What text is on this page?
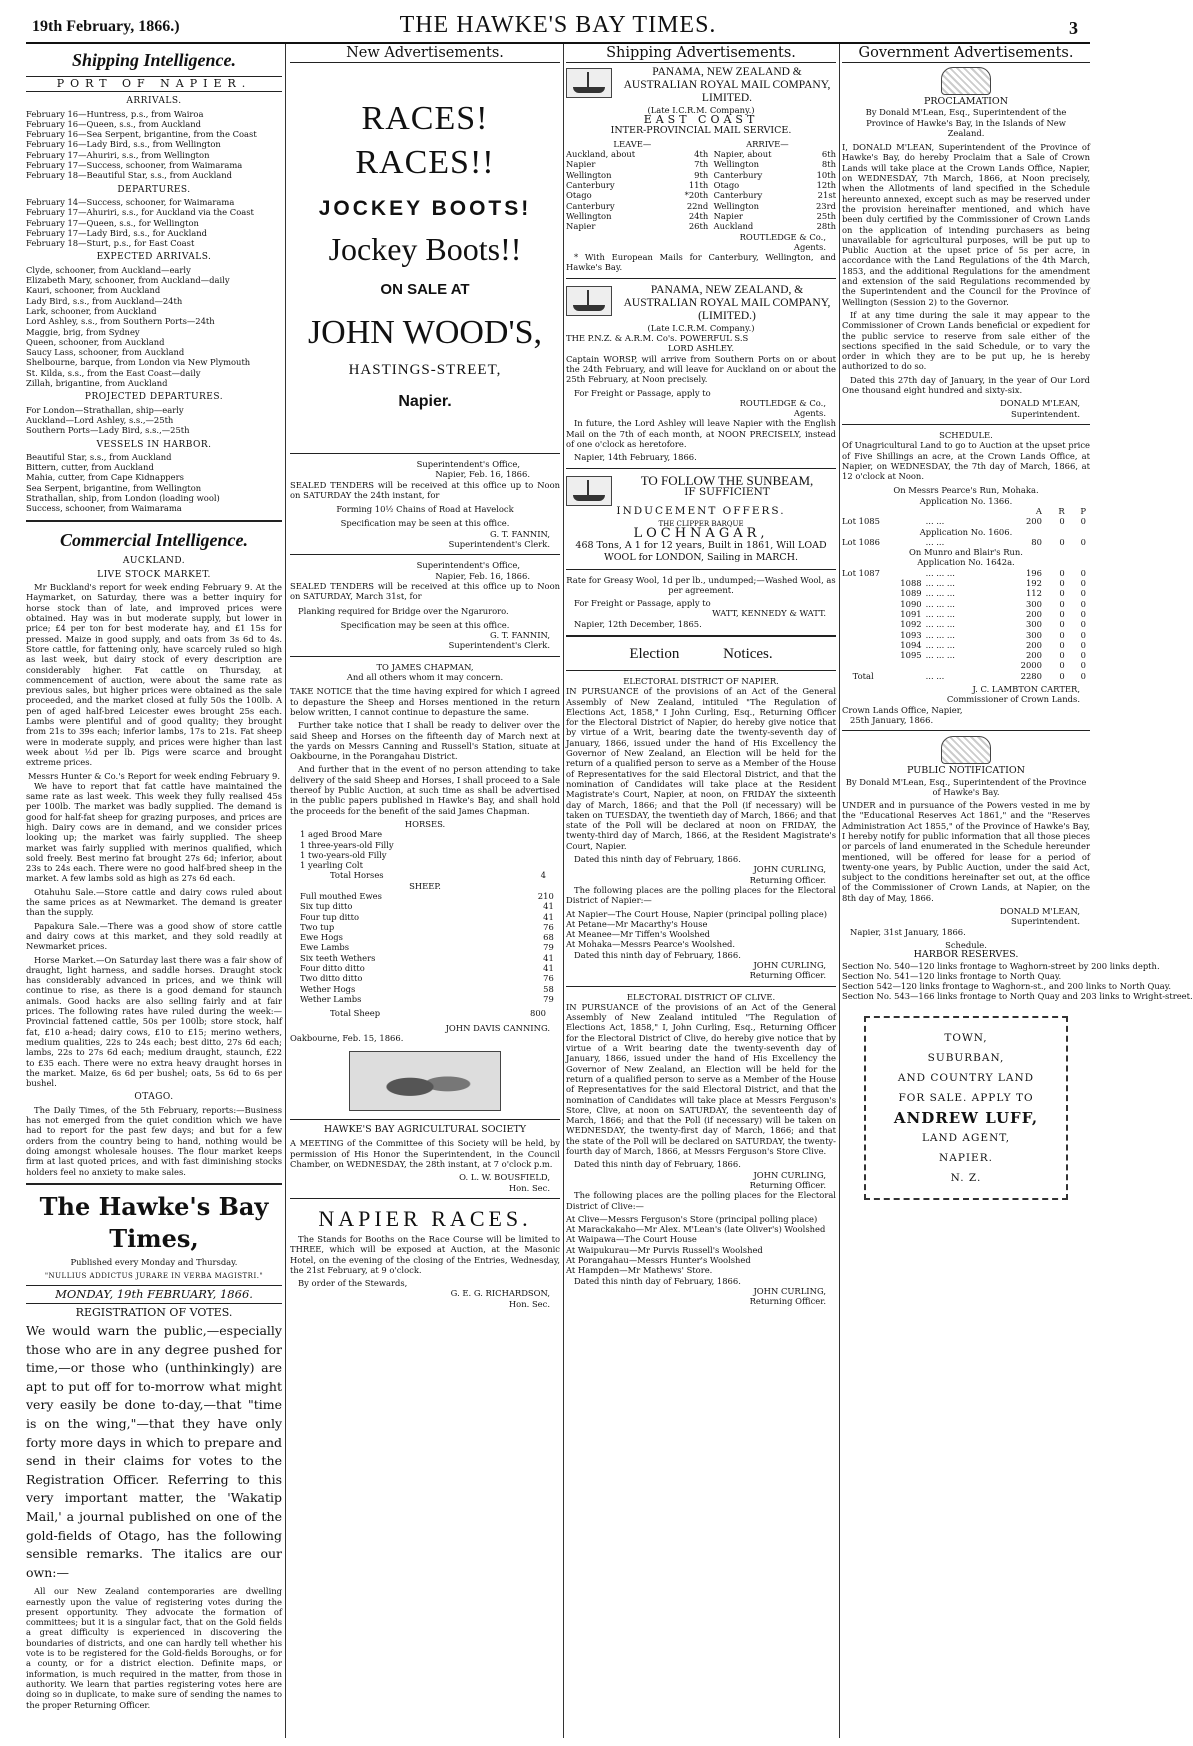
19th February, 1866.)	THE HAWKE'S BAY TIMES.	3
Shipping Intelligence.
PORT OF NAPIER.
ARRIVALS.
February 16—Huntress, p.s., from Wairoa
February 16—Queen, s.s., from Auckland
February 16—Sea Serpent, brigantine, from the Coast
February 16—Lady Bird, s.s., from Wellington
February 17—Ahuriri, s.s., from Wellington
February 17—Success, schooner, from Waimarama
February 18—Beautiful Star, s.s., from Auckland
DEPARTURES.
February 14—Success, schooner, for Waimarama
February 17—Ahuriri, s.s., for Auckland via the Coast
February 17—Queen, s.s., for Wellington
February 17—Lady Bird, s.s., for Auckland
February 18—Sturt, p.s., for East Coast
EXPECTED ARRIVALS.
Clyde, schooner, from Auckland—early
Elizabeth Mary, schooner, from Auckland—daily
Kauri, schooner, from Auckland
Lady Bird, s.s., from Auckland—24th
Lark, schooner, from Auckland
Lord Ashley, s.s., from Southern Ports—24th
Maggie, brig, from Sydney
Queen, schooner, from Auckland
Saucy Lass, schooner, from Auckland
Shelbourne, barque, from London via New Plymouth
St. Kilda, s.s., from the East Coast—daily
Zillah, brigantine, from Auckland
PROJECTED DEPARTURES.
For London—Strathallan, ship—early
Auckland—Lord Ashley, s.s.,—25th
Southern Ports—Lady Bird, s.s.,—25th
VESSELS IN HARBOR.
Beautiful Star, s.s., from Auckland
Bittern, cutter, from Auckland
Mahia, cutter, from Cape Kidnappers
Sea Serpent, brigantine, from Wellington
Strathallan, ship, from London (loading wool)
Success, schooner, from Waimarama
Commercial Intelligence.
AUCKLAND.
LIVE STOCK MARKET.
Mr Buckland's report for week ending February 9. At the Haymarket, on Saturday, there was a better inquiry for horse stock than of late, and improved prices were obtained. Hay was in but moderate supply, but lower in price; £4 per ton for best moderate hay, and £1 15s for pressed. Maize in good supply, and oats from 3s 6d to 4s. Store cattle, for fattening only, have scarcely ruled so high as last week, but dairy stock of every description are considerably higher. Fat cattle on Thursday, at commencement of auction, were about the same rate as previous sales, but higher prices were obtained as the sale proceeded, and the market closed at fully 50s the 100lb. A pen of aged half-bred Leicester ewes brought 25s each. Lambs were plentiful and of good quality; they brought from 21s to 39s each; inferior lambs, 17s to 21s. Fat sheep were in moderate supply, and prices were higher than last week about ½d per lb. Pigs were scarce and brought extreme prices.
Messrs Hunter & Co.'s Report for week ending February 9.
We have to report that fat cattle have maintained the same rate as last week. This week they fully realised 45s per 100lb. The market was badly supplied. The demand is good for half-fat sheep for grazing purposes, and prices are high. Dairy cows are in demand, and we consider prices looking up; the market was fairly supplied. The sheep market was fairly supplied with merinos qualified, which sold freely. Best merino fat brought 27s 6d; inferior, about 23s to 24s each. There were no good half-bred sheep in the market. A few lambs sold as high as 27s 6d each.
Otahuhu Sale.—Store cattle and dairy cows ruled about the same prices as at Newmarket. The demand is greater than the supply.
Papakura Sale.—There was a good show of store cattle and dairy cows at this market, and they sold readily at Newmarket prices.
Horse Market.—On Saturday last there was a fair show of draught, light harness, and saddle horses. Draught stock has considerably advanced in prices, and we think will continue to rise, as there is a good demand for staunch animals. Good hacks are also selling fairly and at fair prices. The following rates have ruled during the week:—Provincial fattened cattle, 50s per 100lb; store stock, half fat, £10 a-head; dairy cows, £10 to £15; merino wethers, medium qualities, 22s to 24s each; best ditto, 27s 6d each; lambs, 22s to 27s 6d each; medium draught, staunch, £22 to £35 each. There were no extra heavy draught horses in the market. Maize, 6s 6d per bushel; oats, 5s 6d to 6s per bushel.
OTAGO.
The Daily Times, of the 5th February, reports:—Business has not emerged from the quiet condition which we have had to report for the past few days; and but for a few orders from the country being to hand, nothing would be doing amongst wholesale houses. The flour market keeps firm at last quoted prices, and with fast diminishing stocks holders feel no anxiety to make sales.
The Hawke's Bay Times,
Published every Monday and Thursday.
"NULLIUS ADDICTUS JURARE IN VERBA MAGISTRI."
MONDAY, 19th FEBRUARY, 1866.
REGISTRATION OF VOTES.
We would warn the public,—especially those who are in any degree pushed for time,—or those who (unthinkingly) are apt to put off for to-morrow what might very easily be done to-day,—that "time is on the wing,"—that they have only forty more days in which to prepare and send in their claims for votes to the Registration Officer. Referring to this very important matter, the 'Wakatip Mail,' a journal published on one of the gold-fields of Otago, has the following sensible remarks. The italics are our own:—
All our New Zealand contemporaries are dwelling earnestly upon the value of registering votes during the present opportunity. They advocate the formation of committees; but it is a singular fact, that on the Gold fields a great difficulty is experienced in discovering the boundaries of districts, and one can hardly tell whether his vote is to be registered for the Gold-fields Boroughs, or for a county, or for a district election. Definite maps, or information, is much required in the matter, from those in authority. We learn that parties registering votes here are doing so in duplicate, to make sure of sending the names to the proper Returning Officer.
New Advertisements.
RACES! RACES!!
JOCKEY BOOTS!
Jockey Boots!!
ON SALE AT
JOHN WOOD'S,
HASTINGS-STREET,
Napier.
Superintendent's Office,
Napier, Feb. 16, 1866.
SEALED TENDERS will be received at this office up to Noon on SATURDAY the 24th instant, for
Forming 10½ Chains of Road at Havelock
Specification may be seen at this office.
G. T. FANNIN,
Superintendent's Clerk.
Superintendent's Office,
Napier, Feb. 16, 1866.
SEALED TENDERS will be received at this office up to Noon on SATURDAY, March 31st, for
Planking required for Bridge over the Ngaruroro.
Specification may be seen at this office.
G. T. FANNIN,
Superintendent's Clerk.
TO JAMES CHAPMAN,
And all others whom it may concern.
TAKE NOTICE that the time having expired for which I agreed to depasture the Sheep and Horses mentioned in the return below written, I cannot continue to depasture the same.
Further take notice that I shall be ready to deliver over the said Sheep and Horses on the fifteenth day of March next at the yards on Messrs Canning and Russell's Station, situate at Oakbourne, in the Porangahau District.
And further that in the event of no person attending to take delivery of the said Sheep and Horses, I shall proceed to a Sale thereof by Public Auction, at such time as shall be advertised in the public papers published in Hawke's Bay, and shall hold the proceeds for the benefit of the said James Chapman.
HORSES.
1 aged Brood Mare
1 three-years-old Filly
1 two-years-old Filly
1 yearling Colt
Total Horses	4
SHEEP.
Full mouthed Ewes	210
Six tup ditto	41
Four tup ditto	41
Two tup	76
Ewe Hogs	68
Ewe Lambs	79
Six teeth Wethers	41
Four ditto ditto	41
Two ditto ditto	76
Wether Hogs	58
Wether Lambs	79
Total Sheep	800
JOHN DAVIS CANNING.
Oakbourne, Feb. 15, 1866.
HAWKE'S BAY AGRICULTURAL SOCIETY
A MEETING of the Committee of this Society will be held, by permission of His Honor the Superintendent, in the Council Chamber, on WEDNESDAY, the 28th instant, at 7 o'clock p.m.
O. L. W. BOUSFIELD,
Hon. Sec.
NAPIER RACES.
The Stands for Booths on the Race Course will be limited to THREE, which will be exposed at Auction, at the Masonic Hotel, on the evening of the closing of the Entries, Wednesday, the 21st February, at 9 o'clock.
By order of the Stewards,
G. E. G. RICHARDSON,
Hon. Sec.
Shipping Advertisements.
PANAMA, NEW ZEALAND & AUSTRALIAN ROYAL MAIL COMPANY, LIMITED.
(Late I.C.R.M. Company.)
EAST COAST
INTER-PROVINCIAL MAIL SERVICE.
LEAVE—	ARRIVE—
Auckland, about	4th	Napier, about	6th
Napier	7th	Wellington	8th
Wellington	9th	Canterbury	10th
Canterbury	11th	Otago	12th
Otago	*20th	Canterbury	21st
Canterbury	22nd	Wellington	23rd
Wellington	24th	Napier	25th
Napier	26th	Auckland	28th
ROUTLEDGE & Co.,
Agents.
* With European Mails for Canterbury, Wellington, and Hawke's Bay.
PANAMA, NEW ZEALAND, & AUSTRALIAN ROYAL MAIL COMPANY, (LIMITED.)
(Late I.C.R.M. Company.)
THE P.N.Z. & A.R.M. Co's. POWERFUL S.S
LORD ASHLEY.
Captain WORSP, will arrive from Southern Ports on or about the 24th February, and will leave for Auckland on or about the 25th February, at Noon precisely.
For Freight or Passage, apply to
ROUTLEDGE & Co.,
Agents.
In future, the Lord Ashley will leave Napier with the English Mail on the 7th of each month, at NOON PRECISELY, instead of one o'clock as heretofore.
Napier, 14th February, 1866.
TO FOLLOW THE SUNBEAM,
IF SUFFICIENT
INDUCEMENT OFFERS.
THE CLIPPER BARQUE
LOCHNAGAR,
468 Tons, A 1 for 12 years, Built in 1861, Will LOAD WOOL for LONDON, Sailing in MARCH.
Rate for Greasy Wool, 1d per lb., undumped;—Washed Wool, as per agreement.
For Freight or Passage, apply to
WATT, KENNEDY & WATT.
Napier, 12th December, 1865.
Election Notices.
ELECTORAL DISTRICT OF NAPIER.
IN PURSUANCE of the provisions of an Act of the General Assembly of New Zealand, intituled "The Regulation of Elections Act, 1858," I John Curling, Esq., Returning Officer for the Electoral District of Napier, do hereby give notice that by virtue of a Writ, bearing date the twenty-seventh day of January, 1866, issued under the hand of His Excellency the Governor of New Zealand, an Election will be held for the return of a qualified person to serve as a Member of the House of Representatives for the said Electoral District, and that the nomination of Candidates will take place at the Resident Magistrate's Court, Napier, at noon, on FRIDAY the sixteenth day of March, 1866; and that the Poll (if necessary) will be taken on TUESDAY, the twentieth day of March, 1866; and that state of the Poll will be declared at noon on FRIDAY, the twenty-third day of March, 1866, at the Resident Magistrate's Court, Napier.
Dated this ninth day of February, 1866.
JOHN CURLING,
Returning Officer.
The following places are the polling places for the Electoral District of Napier:—
At Napier—The Court House, Napier (principal polling place)
At Petane—Mr Macarthy's House
At Meanee—Mr Tiffen's Woolshed
At Mohaka—Messrs Pearce's Woolshed.
Dated this ninth day of February, 1866.
JOHN CURLING,
Returning Officer.
ELECTORAL DISTRICT OF CLIVE.
IN PURSUANCE of the provisions of an Act of the General Assembly of New Zealand intituled "The Regulation of Elections Act, 1858," I, John Curling, Esq., Returning Officer for the Electoral District of Clive, do hereby give notice that by virtue of a Writ bearing date the twenty-seventh day of January, 1866, issued under the hand of His Excellency the Governor of New Zealand, an Election will be held for the return of a qualified person to serve as a Member of the House of Representatives for the said Electoral District, and that the nomination of Candidates will take place at Messrs Ferguson's Store, Clive, at noon on SATURDAY, the seventeenth day of March, 1866; and that the Poll (if necessary) will be taken on WEDNESDAY, the twenty-first day of March, 1866; and that the state of the Poll will be declared on SATURDAY, the twenty-fourth day of March, 1866, at Messrs Ferguson's Store Clive.
Dated this ninth day of February, 1866.
JOHN CURLING,
Returning Officer.
The following places are the polling places for the Electoral District of Clive:—
At Clive—Messrs Ferguson's Store (principal polling place)
At Marackakaho—Mr Alex. M'Lean's (late Oliver's) Woolshed
At Waipawa—The Court House
At Waipukurau—Mr Purvis Russell's Woolshed
At Porangahau—Messrs Hunter's Woolshed
At Hampden—Mr Mathews' Store.
Dated this ninth day of February, 1866.
JOHN CURLING,
Returning Officer.
Government Advertisements.
PROCLAMATION
By Donald M'Lean, Esq., Superintendent of the Province of Hawke's Bay, in the Islands of New Zealand.
I, DONALD M'LEAN, Superintendent of the Province of Hawke's Bay, do hereby Proclaim that a Sale of Crown Lands will take place at the Crown Lands Office, Napier, on WEDNESDAY, 7th March, 1866, at Noon precisely, when the Allotments of land specified in the Schedule hereunto annexed, except such as may be reserved under the provision hereinafter mentioned, and which have been duly certified by the Commissioner of Crown Lands on the application of intending purchasers as being unavailable for agricultural purposes, will be put up to Public Auction at the upset price of 5s per acre, in accordance with the Land Regulations of the 4th March, 1853, and the additional Regulations for the amendment and extension of the said Regulations recommended by the Superintendent and the Council for the Province of Wellington (Session 2) to the Governor.
If at any time during the sale it may appear to the Commissioner of Crown Lands beneficial or expedient for the public service to reserve from sale either of the sections specified in the said Schedule, or to vary the order in which they are to be put up, he is hereby authorized to do so.
Dated this 27th day of January, in the year of Our Lord One thousand eight hundred and sixty-six.
DONALD M'LEAN,
Superintendent.
SCHEDULE.
Of Unagricultural Land to go to Auction at the upset price of Five Shillings an acre, at the Crown Lands Office, at Napier, on WEDNESDAY, the 7th day of March, 1866, at 12 o'clock at Noon.
On Messrs Pearce's Run, Mohaka.
Application No. 1366.
		A	R	P
Lot 1085	... ...	200	0	0
Application No. 1606.				
Lot 1086	... ...	80	0	0
On Munro and Blair's Run.				
Application No. 1642a.				
Lot 1087	... ... ...	196	0	0
1088	... ... ...	192	0	0
1089	... ... ...	112	0	0
1090	... ... ...	300	0	0
1091	... ... ...	200	0	0
1092	... ... ...	300	0	0
1093	... ... ...	300	0	0
1094	... ... ...	200	0	0
1095	... ... ...	200	0	0
		2000	0	0
Total	... ...	2280	0	0
J. C. LAMBTON CARTER,
Commissioner of Crown Lands.
Crown Lands Office, Napier,
25th January, 1866.
PUBLIC NOTIFICATION
By Donald M'Lean, Esq., Superintendent of the Province of Hawke's Bay.
UNDER and in pursuance of the Powers vested in me by the "Educational Reserves Act 1861," and the "Reserves Administration Act 1855," of the Province of Hawke's Bay, I hereby notify for public information that all those pieces or parcels of land enumerated in the Schedule hereunder mentioned, will be offered for lease for a period of twenty-one years, by Public Auction, under the said Act, subject to the conditions hereinafter set out, at the office of the Commissioner of Crown Lands, at Napier, on the 8th day of May, 1866.
DONALD M'LEAN,
Superintendent.
Napier, 31st January, 1866.
Schedule.
HARBOR RESERVES.
Section No. 540—120 links frontage to Waghorn-street by 200 links depth.
Section No. 541—120 links frontage to North Quay.
Section 542—120 links frontage to Waghorn-st., and 200 links to North Quay.
Section No. 543—166 links frontage to North Quay and 203 links to Wright-street.
TOWN,
SUBURBAN,
AND COUNTRY LAND
FOR SALE. APPLY TO
ANDREW LUFF,
LAND AGENT,
NAPIER.
N. Z.
